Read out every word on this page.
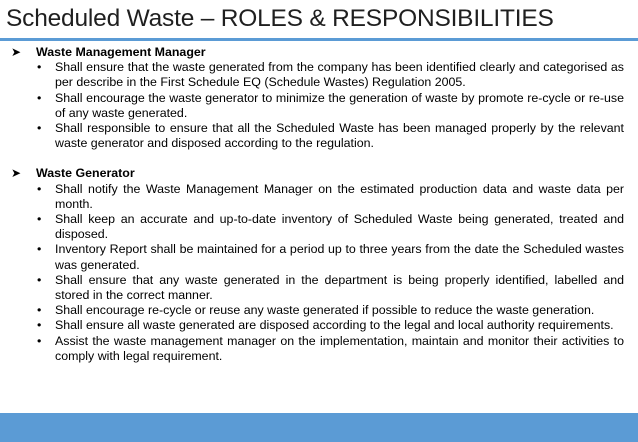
Scheduled Waste – ROLES & RESPONSIBILITIES
➤ Waste Management Manager
• Shall ensure that the waste generated from the company has been identified clearly and categorised as per describe in the First Schedule EQ (Schedule Wastes) Regulation 2005.
• Shall encourage the waste generator to minimize the generation of waste by promote re-cycle or re-use of any waste generated.
• Shall responsible to ensure that all the Scheduled Waste has been managed properly by the relevant waste generator and disposed according to the regulation.
➤ Waste Generator
• Shall notify the Waste Management Manager on the estimated production data and waste data per month.
• Shall keep an accurate and up-to-date inventory of Scheduled Waste being generated, treated and disposed.
• Inventory Report shall be maintained for a period up to three years from the date the Scheduled wastes was generated.
• Shall ensure that any waste generated in the department is being properly identified, labelled and stored in the correct manner.
• Shall encourage re-cycle or reuse any waste generated if possible to reduce the waste generation.
• Shall ensure all waste generated are disposed according to the legal and local authority requirements.
• Assist the waste management manager on the implementation, maintain and monitor their activities to comply with legal requirement.
